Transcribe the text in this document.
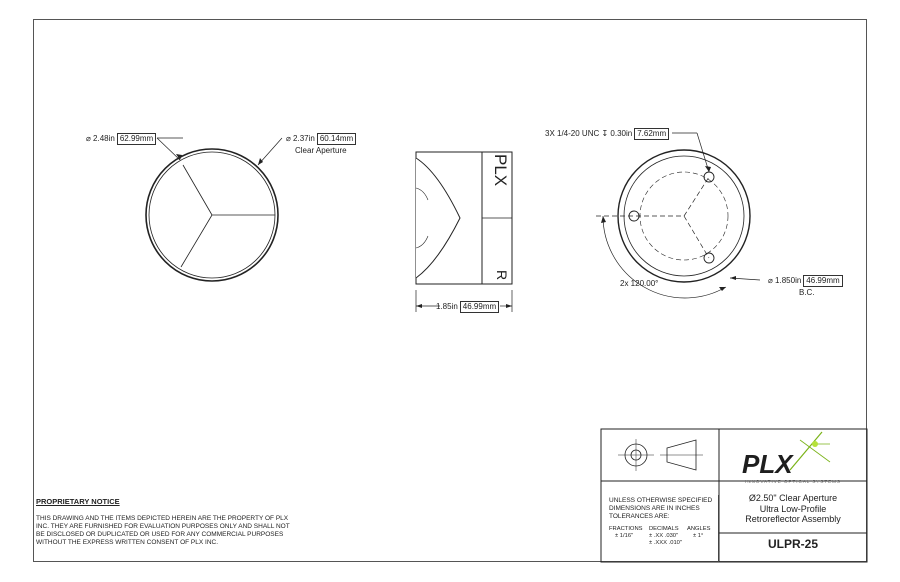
PLX
⌀ 2.48in 62.99mm	⌀ 2.37in 60.14mm
Clear Aperture
PLX
R
1.85in 46.99mm
3X 1/4-20 UNC ↧ 0.30in 7.62mm
2x 120.00°	⌀ 1.850in 46.99mm
B.C.
PROPRIETARY NOTICE
THIS DRAWING AND THE ITEMS DEPICTED HEREIN ARE THE PROPERTY OF PLX INC. THEY ARE FURNISHED FOR EVALUATION PURPOSES ONLY AND SHALL NOT BE DISCLOSED OR DUPLICATED OR USED FOR ANY COMMERCIAL PURPOSES WITHOUT THE EXPRESS WRITTEN CONSENT OF PLX INC.
INNOVATIVE OPTICAL SYSTEMS
UNLESS OTHERWISE SPECIFIED DIMENSIONS ARE IN INCHES TOLERANCES ARE:
FRACTIONS
± 1/16"
DECIMALS
± .XX .030"
± .XXX .010"
ANGLES
± 1°
Ø2.50" Clear Aperture
Ultra Low-Profile
Retroreflector Assembly
ULPR-25
